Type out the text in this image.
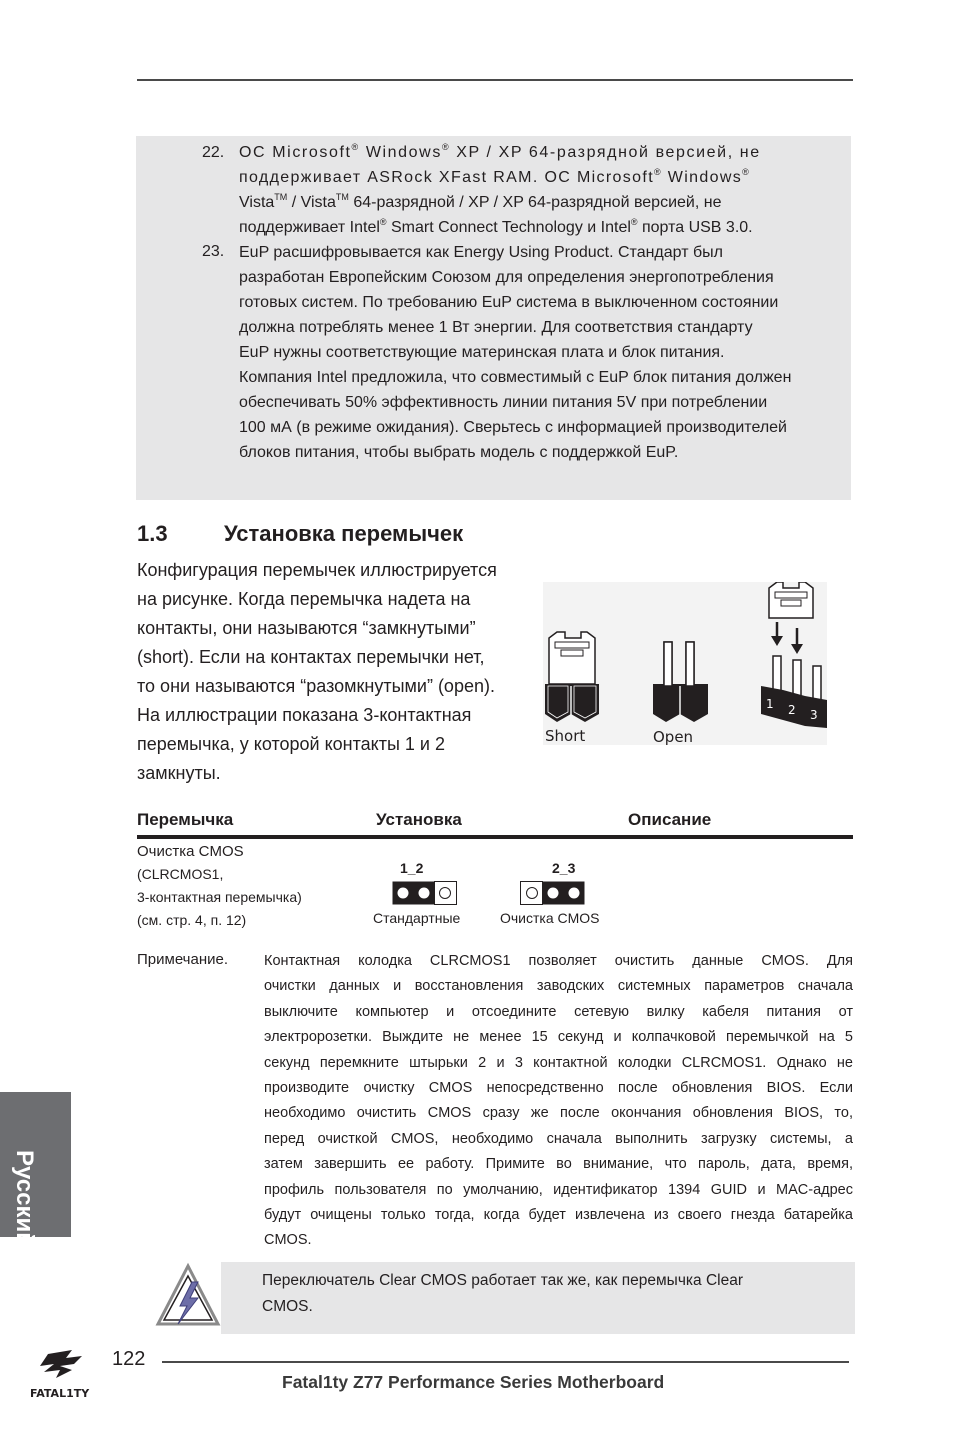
22. ОС Microsoft® Windows® XP / XP 64-разрядной версией, не
поддерживает ASRock XFast RAM. ОС Microsoft® Windows®
Vista™ / Vista™ 64-разрядной / XP / XP 64-разрядной версией, не
поддерживает Intel® Smart Connect Technology и Intel® порта USB 3.0.
23. EuP расшифровывается как Energy Using Product. Стандарт был
разработан Европейским Союзом для определения энергопотребления
готовых систем. По требованию EuP система в выключенном состоянии
должна потреблять менее 1 Вт энергии. Для соответствия стандарту
EuP нужны соответствующие материнская плата и блок питания.
Компания Intel предложила, что совместимый с EuP блок питания должен
обеспечивать 50% эффективность линии питания 5V при потреблении
100 мА (в режиме ожидания). Сверьтесь с информацией производителей
блоков питания, чтобы выбрать модель с поддержкой EuP.
1.3	Установка перемычек
Конфигурация перемычек иллюстрируется
на рисунке. Когда перемычка надета на
контакты, они называются “замкнутыми”
(short). Если на контактах перемычки нет,
то они называются “разомкнутыми” (open).
На иллюстрации показана 3-контактная
перемычка, у которой контакты 1 и 2
замкнуты.
1 2 3
Short	Open
Перемычка	Установка	Описание
Очистка CMOS
(CLRCMOS1,
3-контактная перемычка)
(см. стр. 4, п. 12)
1_2
Стандартные
2_3
Очистка CMOS
Примечание. Контактная колодка CLRCMOS1 позволяет очистить данные CMOS. Для
очистки данных и восстановления заводских системных параметров сначала
выключите компьютер и отсоедините сетевую вилку кабеля питания от
электророзетки. Выждите не менее 15 секунд и колпачковой перемычкой на 5
секунд перемкните штырьки 2 и 3 контактной колодки CLRCMOS1. Однако не
производите очистку CMOS непосредственно после обновления BIOS. Если
необходимо очистить CMOS сразу же после окончания обновления BIOS, то,
перед очисткой CMOS, необходимо сначала выполнить загрузку системы, а
затем завершить ее работу. Примите во внимание, что пароль, дата, время,
профиль пользователя по умолчанию, идентификатор 1394 GUID и MAC-адрес
будут очищены только тогда, когда будет извлечена из своего гнезда батарейка
CMOS.
Переключатель Clear CMOS работает так же, как перемычка Clear
CMOS.
Русский
FATAL1TY
122
Fatal1ty Z77 Performance Series Motherboard
